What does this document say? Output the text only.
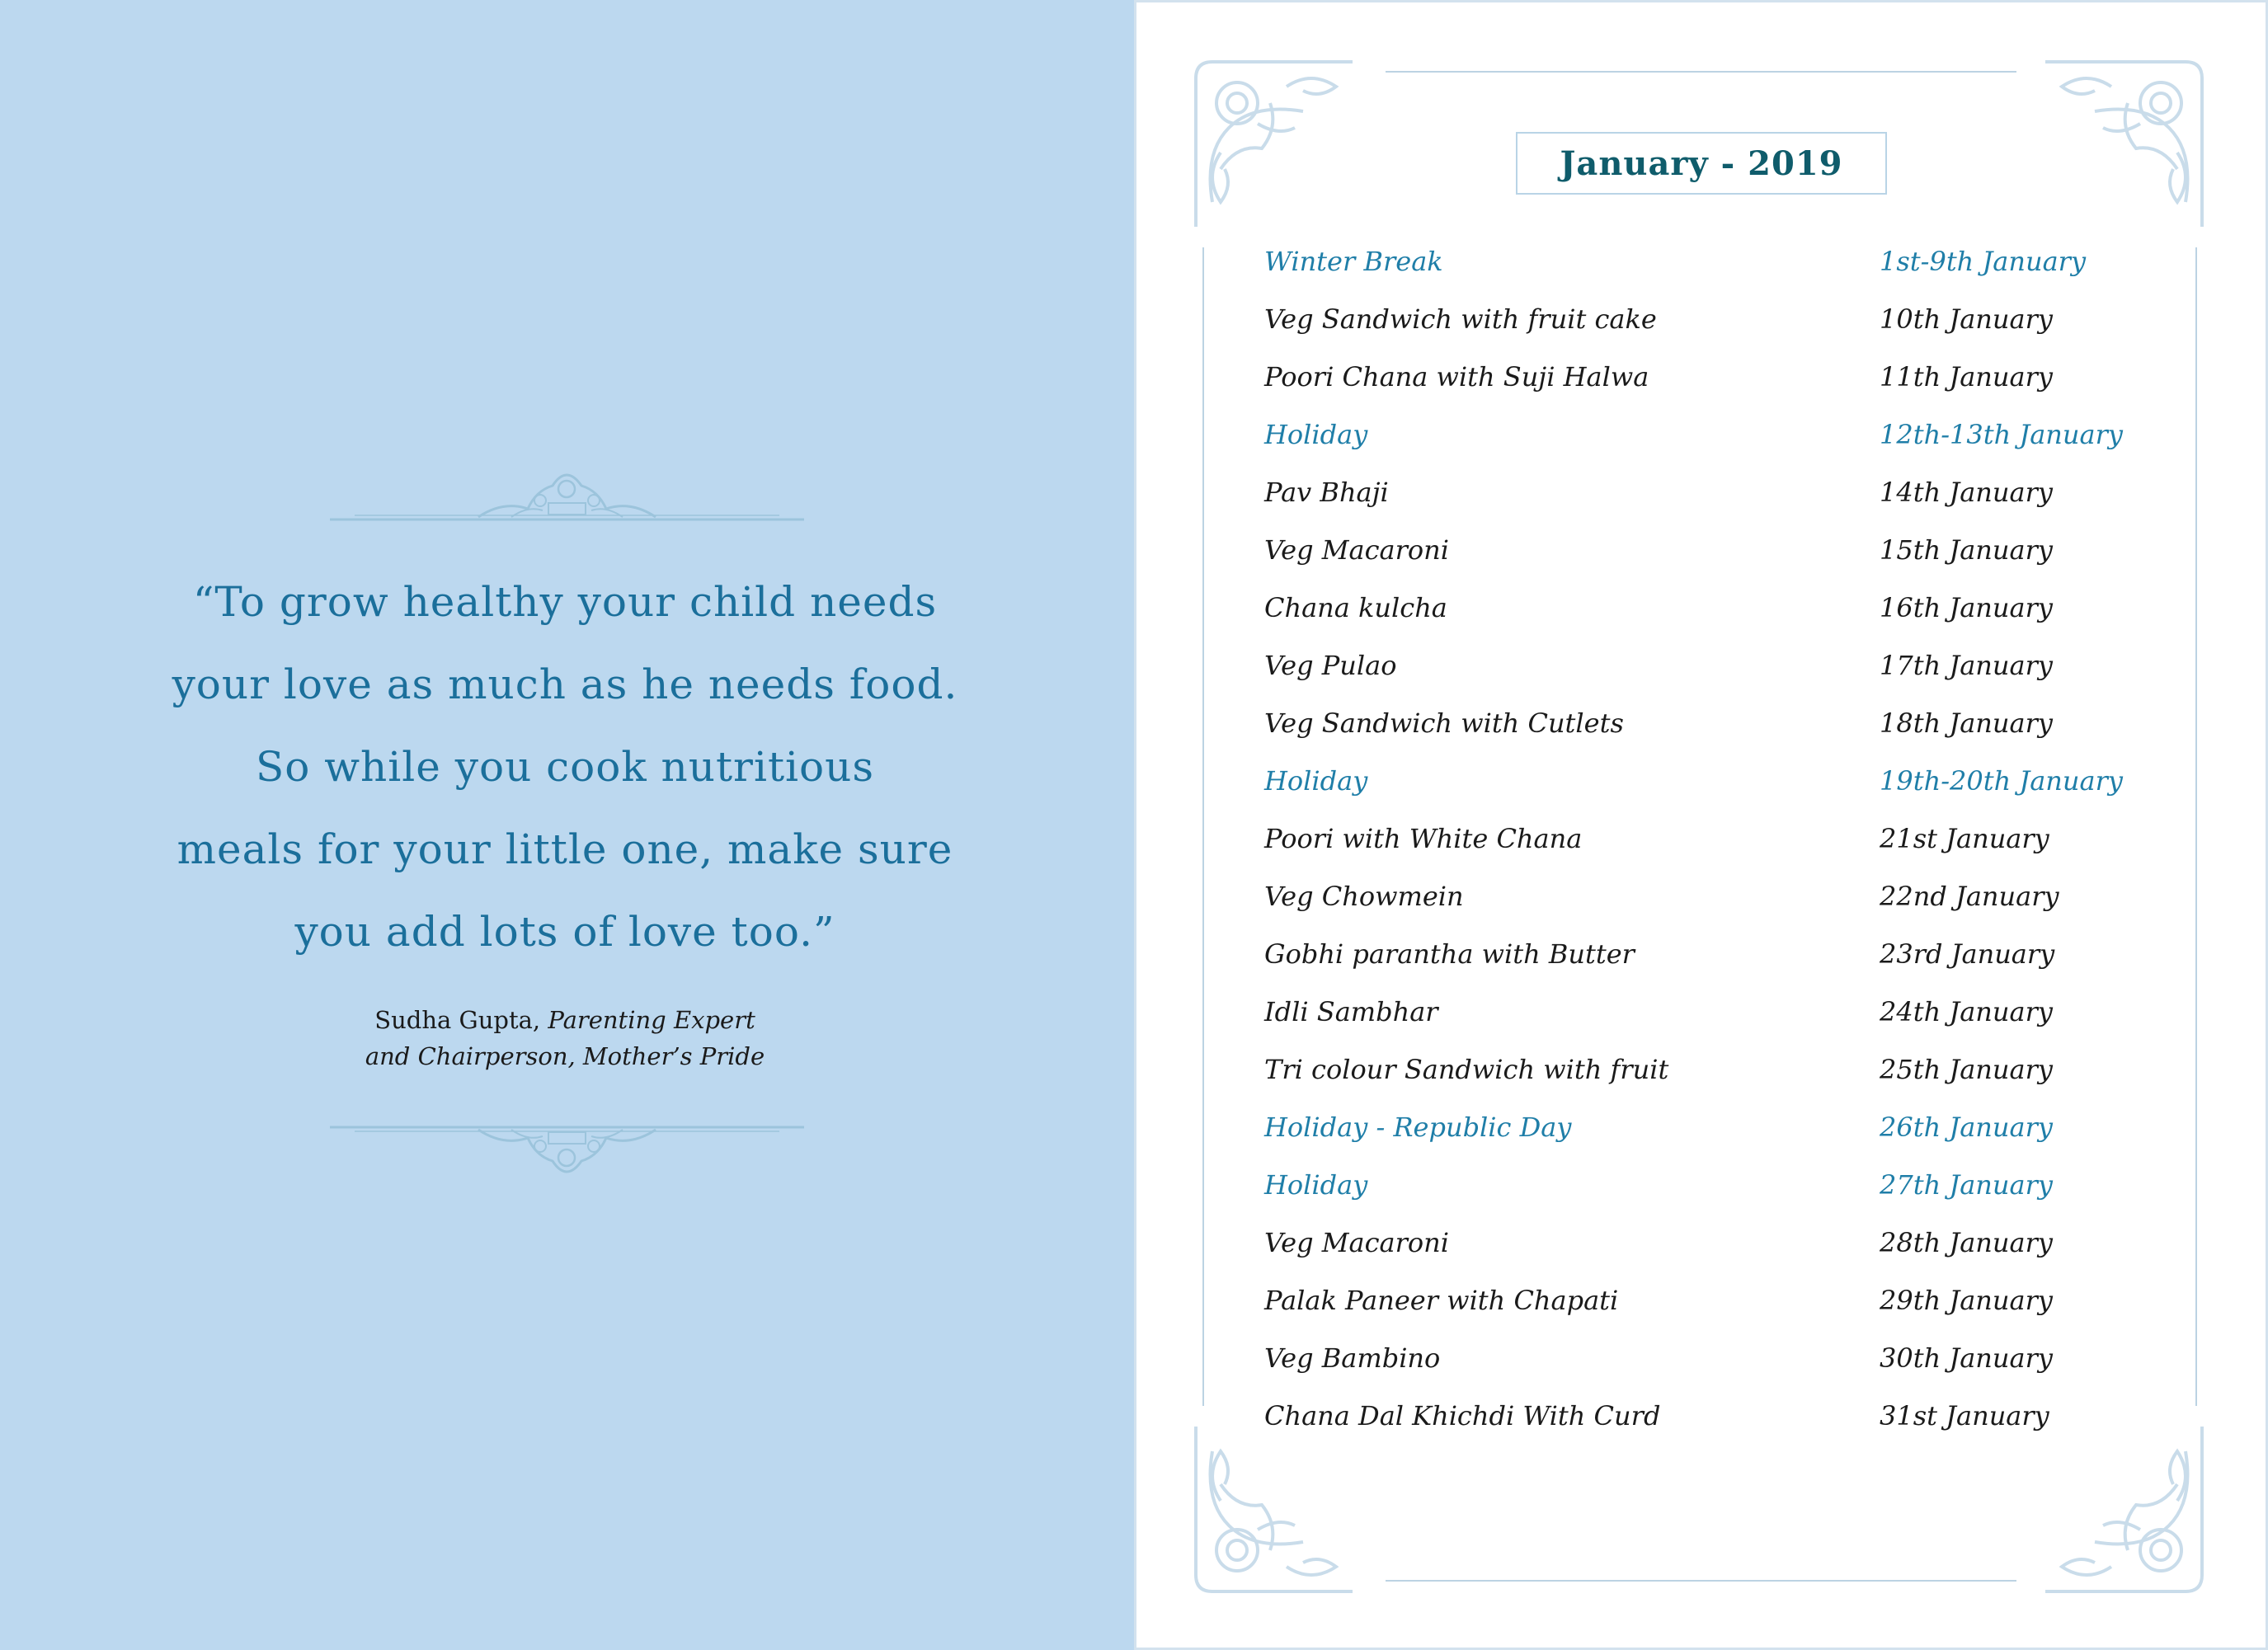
“To grow healthy your child needs
your love as much as he needs food.
So while you cook nutritious
meals for your little one, make sure
you add lots of love too.”
Sudha Gupta, Parenting Expert
and Chairperson, Mother’s Pride
January - 2019
Winter Break	1st-9th January
Veg Sandwich with fruit cake	10th January
Poori Chana with Suji Halwa	11th January
Holiday	12th-13th January
Pav Bhaji	14th January
Veg Macaroni	15th January
Chana kulcha	16th January
Veg Pulao	17th January
Veg Sandwich with Cutlets	18th January
Holiday	19th-20th January
Poori with White Chana	21st January
Veg Chowmein	22nd January
Gobhi parantha with Butter	23rd January
Idli Sambhar	24th January
Tri colour Sandwich with fruit	25th January
Holiday - Republic Day	26th January
Holiday	27th January
Veg Macaroni	28th January
Palak Paneer with Chapati	29th January
Veg Bambino	30th January
Chana Dal Khichdi With Curd	31st January
